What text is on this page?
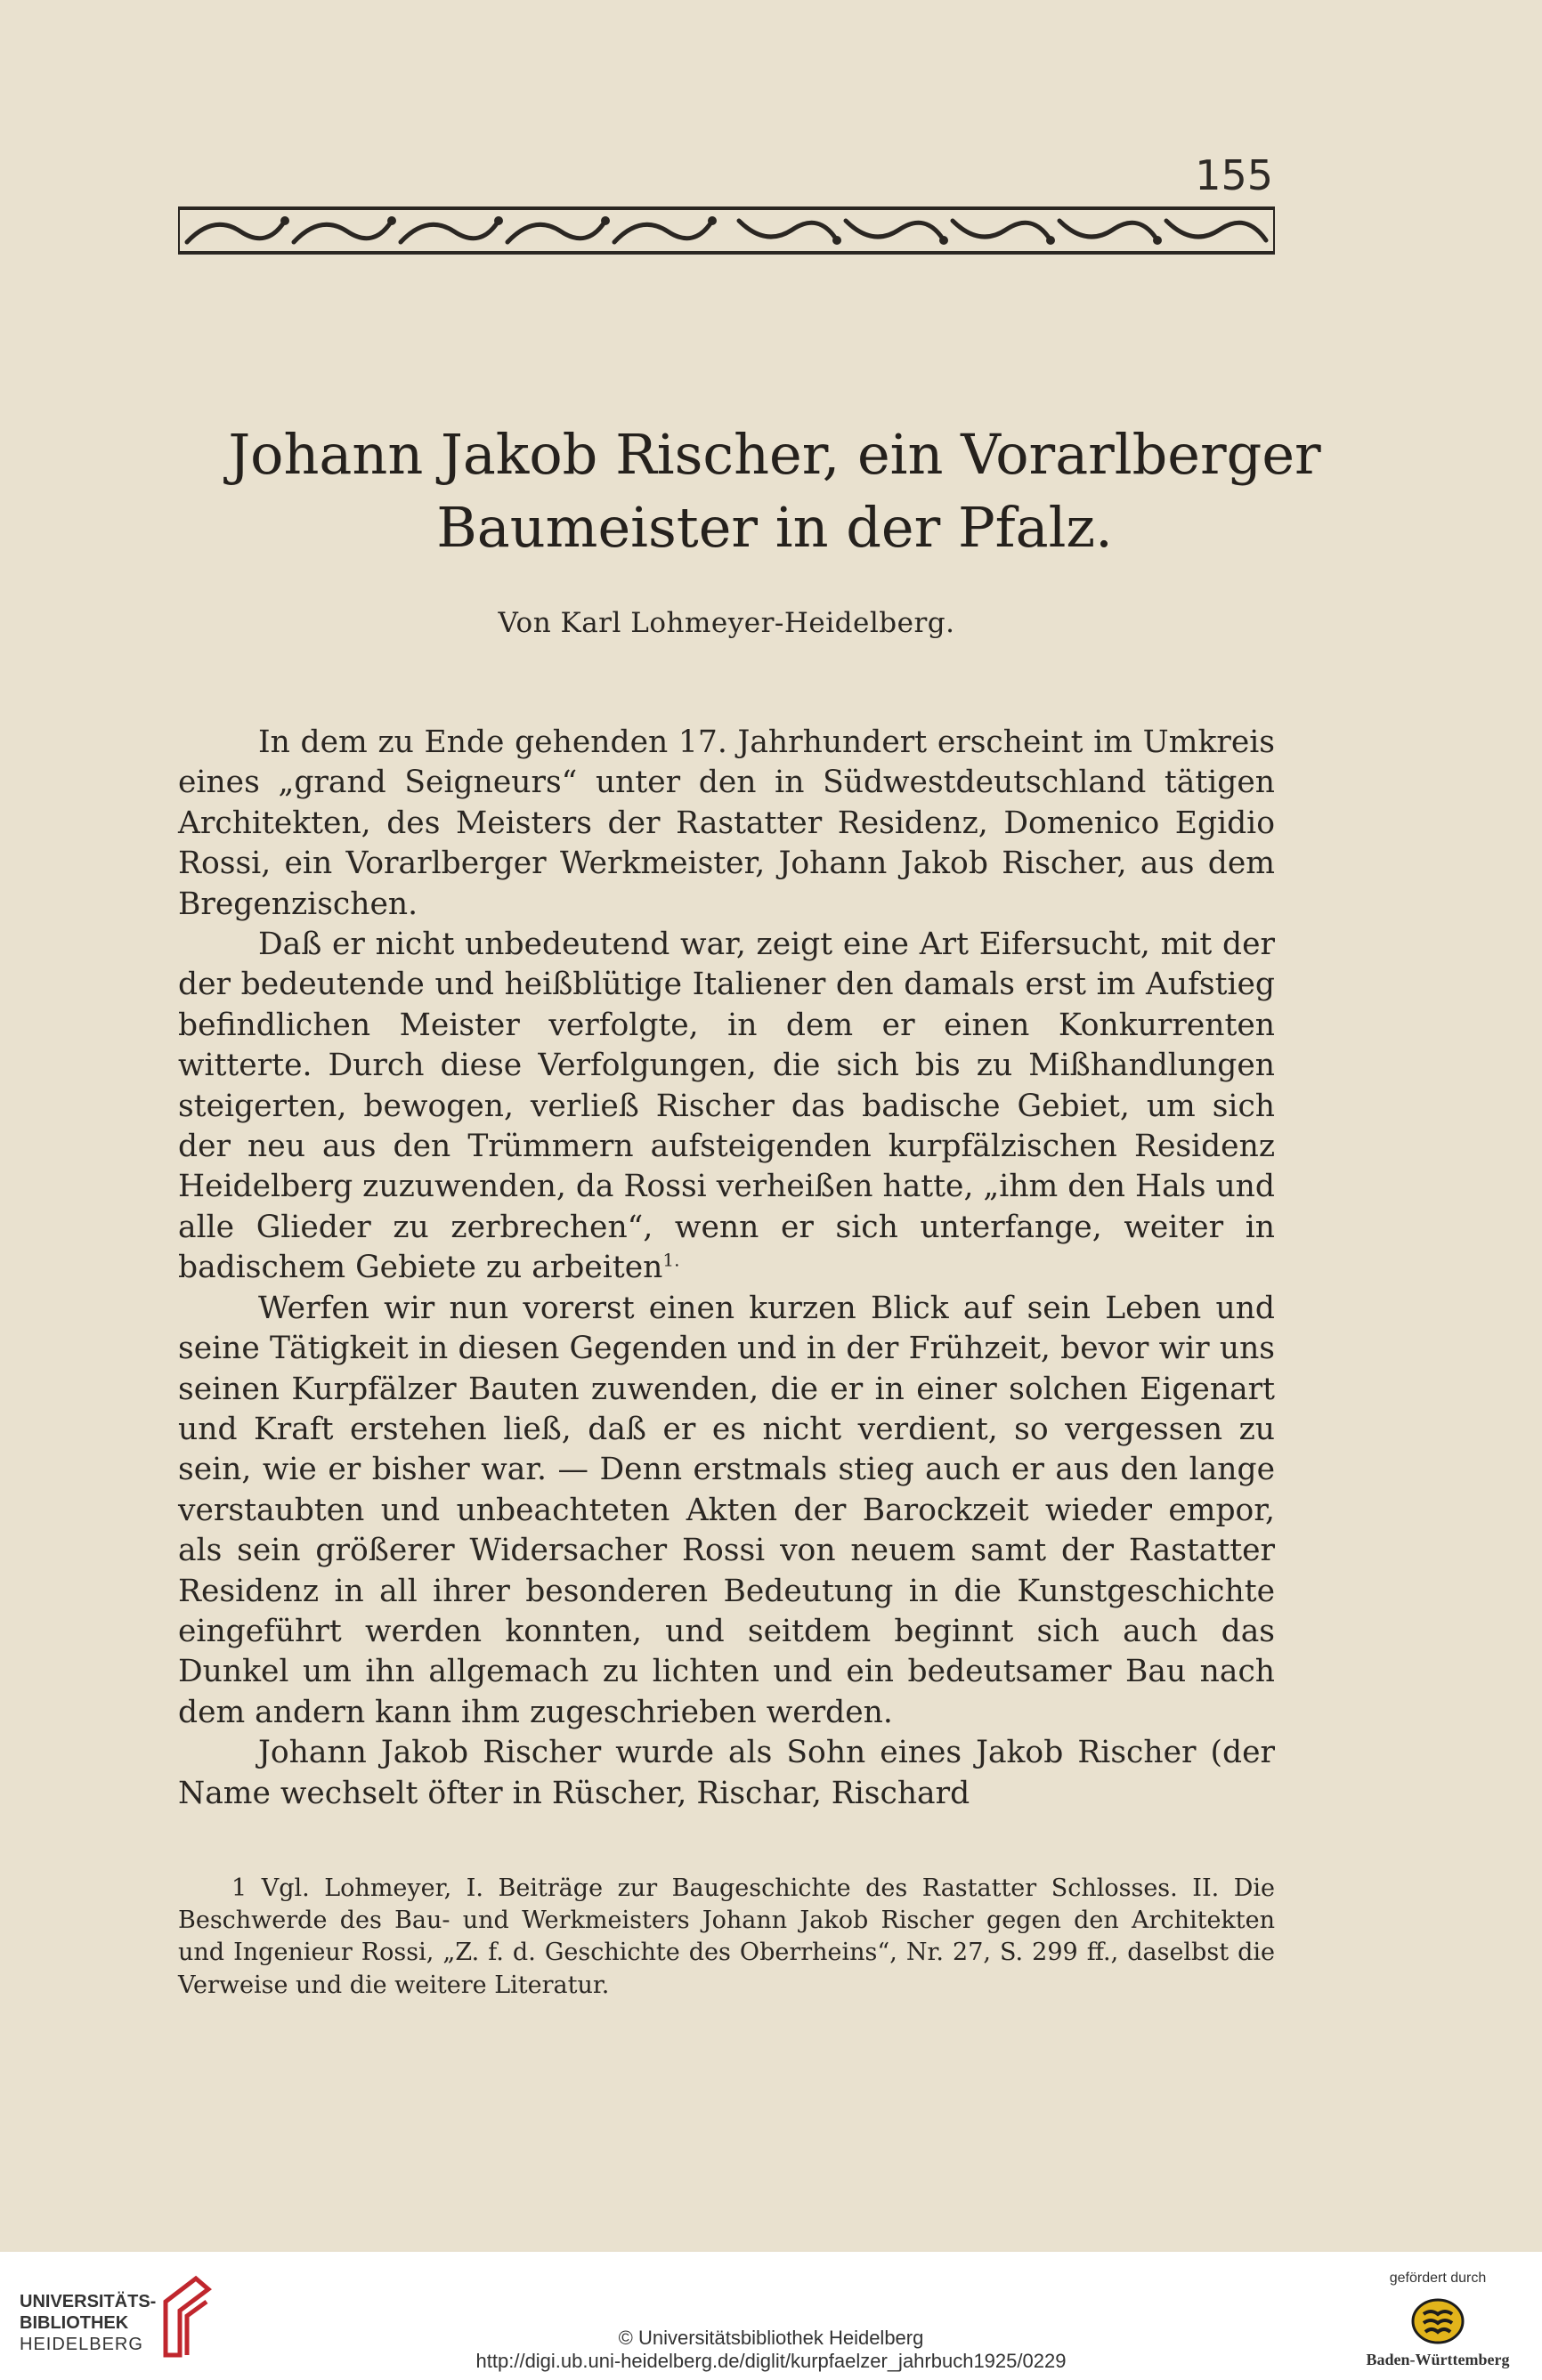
155
Johann Jakob Rischer, ein Vorarlberger
Baumeister in der Pfalz.
Von Karl Lohmeyer-Heidelberg.

In dem zu Ende gehenden 17. Jahrhundert erscheint im Umkreis eines „grand Seigneurs“ unter den in Südwestdeutschland tätigen Architekten, des Meisters der Rastatter Residenz, Domenico Egidio Rossi, ein Vorarlberger Werkmeister, Johann Jakob Rischer, aus dem Bregenzischen.

Daß er nicht unbedeutend war, zeigt eine Art Eifersucht, mit der der bedeutende und heißblütige Italiener den damals erst im Aufstieg befindlichen Meister verfolgte, in dem er einen Konkurrenten witterte. Durch diese Verfolgungen, die sich bis zu Mißhandlungen steigerten, bewogen, verließ Rischer das badische Gebiet, um sich der neu aus den Trümmern aufsteigenden kurpfälzischen Residenz Heidelberg zuzuwenden, da Rossi verheißen hatte, „ihm den Hals und alle Glieder zu zerbrechen“, wenn er sich unterfange, weiter in badischem Gebiete zu arbeiten$^{1.}$

Werfen wir nun vorerst einen kurzen Blick auf sein Leben und seine Tätigkeit in diesen Gegenden und in der Frühzeit, bevor wir uns seinen Kurpfälzer Bauten zuwenden, die er in einer solchen Eigenart und Kraft erstehen ließ, daß er es nicht verdient, so vergessen zu sein, wie er bisher war. — Denn erstmals stieg auch er aus den lange verstaubten und unbeachteten Akten der Barockzeit wieder empor, als sein größerer Widersacher Rossi von neuem samt der Rastatter Residenz in all ihrer besonderen Bedeutung in die Kunstgeschichte eingeführt werden konnten, und seitdem beginnt sich auch das Dunkel um ihn allgemach zu lichten und ein bedeutsamer Bau nach dem andern kann ihm zugeschrieben werden.

Johann Jakob Rischer wurde als Sohn eines Jakob Rischer (der Name wechselt öfter in Rüscher, Rischar, Rischard

1 Vgl. Lohmeyer, I. Beiträge zur Baugeschichte des Rastatter Schlosses. II. Die Beschwerde des Bau- und Werkmeisters Johann Jakob Rischer gegen den Architekten und Ingenieur Rossi, „Z. f. d. Geschichte des Oberrheins“, Nr. 27, S. 299 ff., daselbst die Verweise und die weitere Literatur.

UNIVERSITÄTS-
BIBLIOTHEK
HEIDELBERG	© Universitätsbibliothek Heidelberg
http://digi.ub.uni-heidelberg.de/diglit/kurpfaelzer_jahrbuch1925/0229
gefördert durch
Baden-Württemberg
